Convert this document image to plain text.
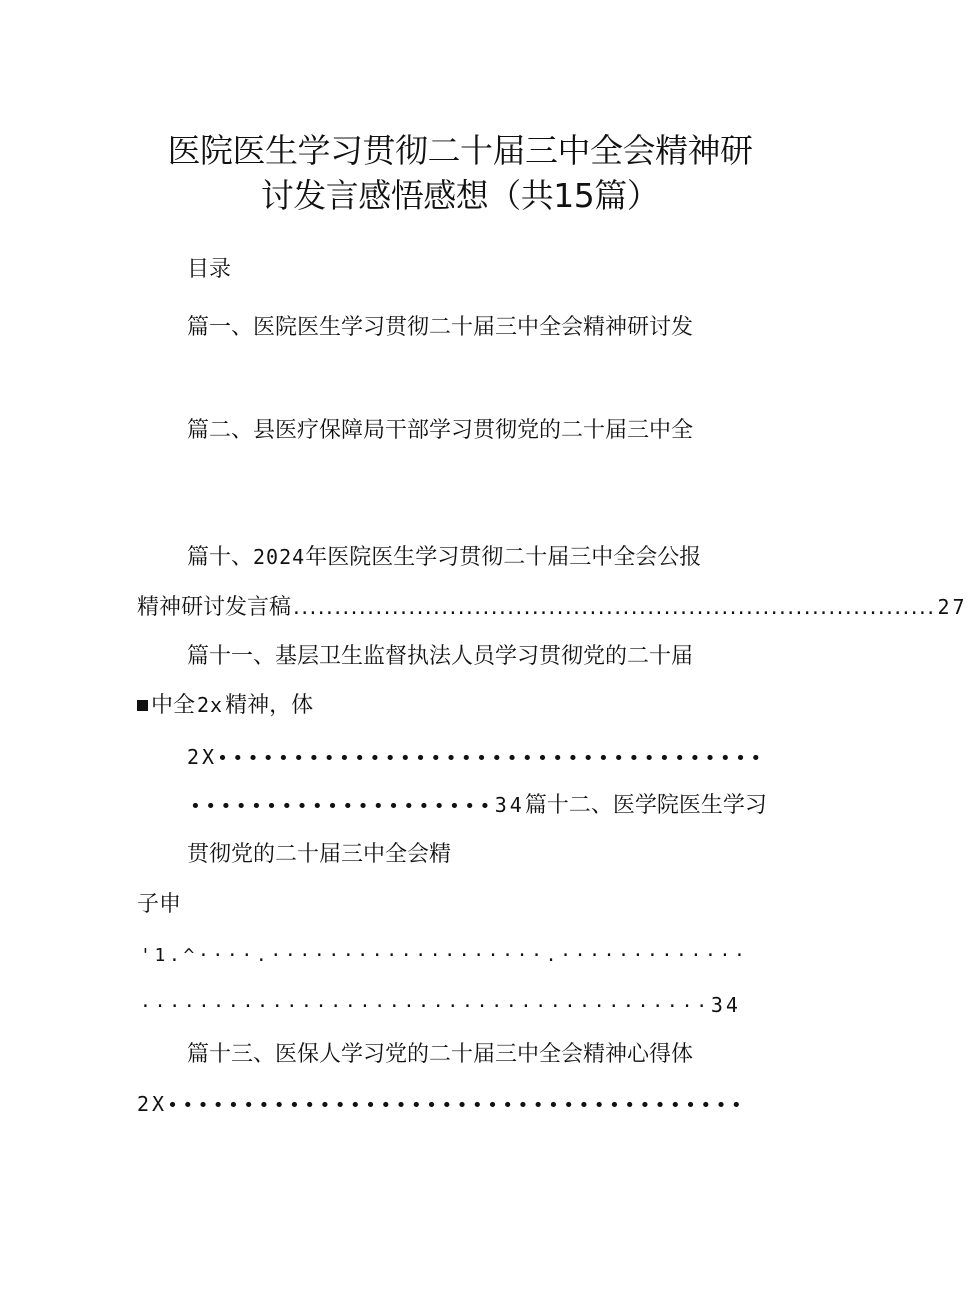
医院医生学习贯彻二十届三中全会精神研
讨发言感悟感想（共15篇）
目录
篇一、医院医生学习贯彻二十届三中全会精神研讨发
篇二、县医疗保障局干部学习贯彻党的二十届三中全
篇十、2024年医院医生学习贯彻二十届三中全会公报
精神研讨发言稿.............................................................................. 27
篇十一、基层卫生监督执法人员学习贯彻党的二十届
中全 2x精神，体
2X••••••••••••••••••••••••••••••••••••
••••••••••••••••••••34篇十二、医学院医生学习
贯彻党的二十届三中全会精
子申
'1.^····.···················.·············
·······································34
篇十三、医保人学习党的二十届三中全会精神心得体
2X••••••••••••••••••••••••••••••••••••••
